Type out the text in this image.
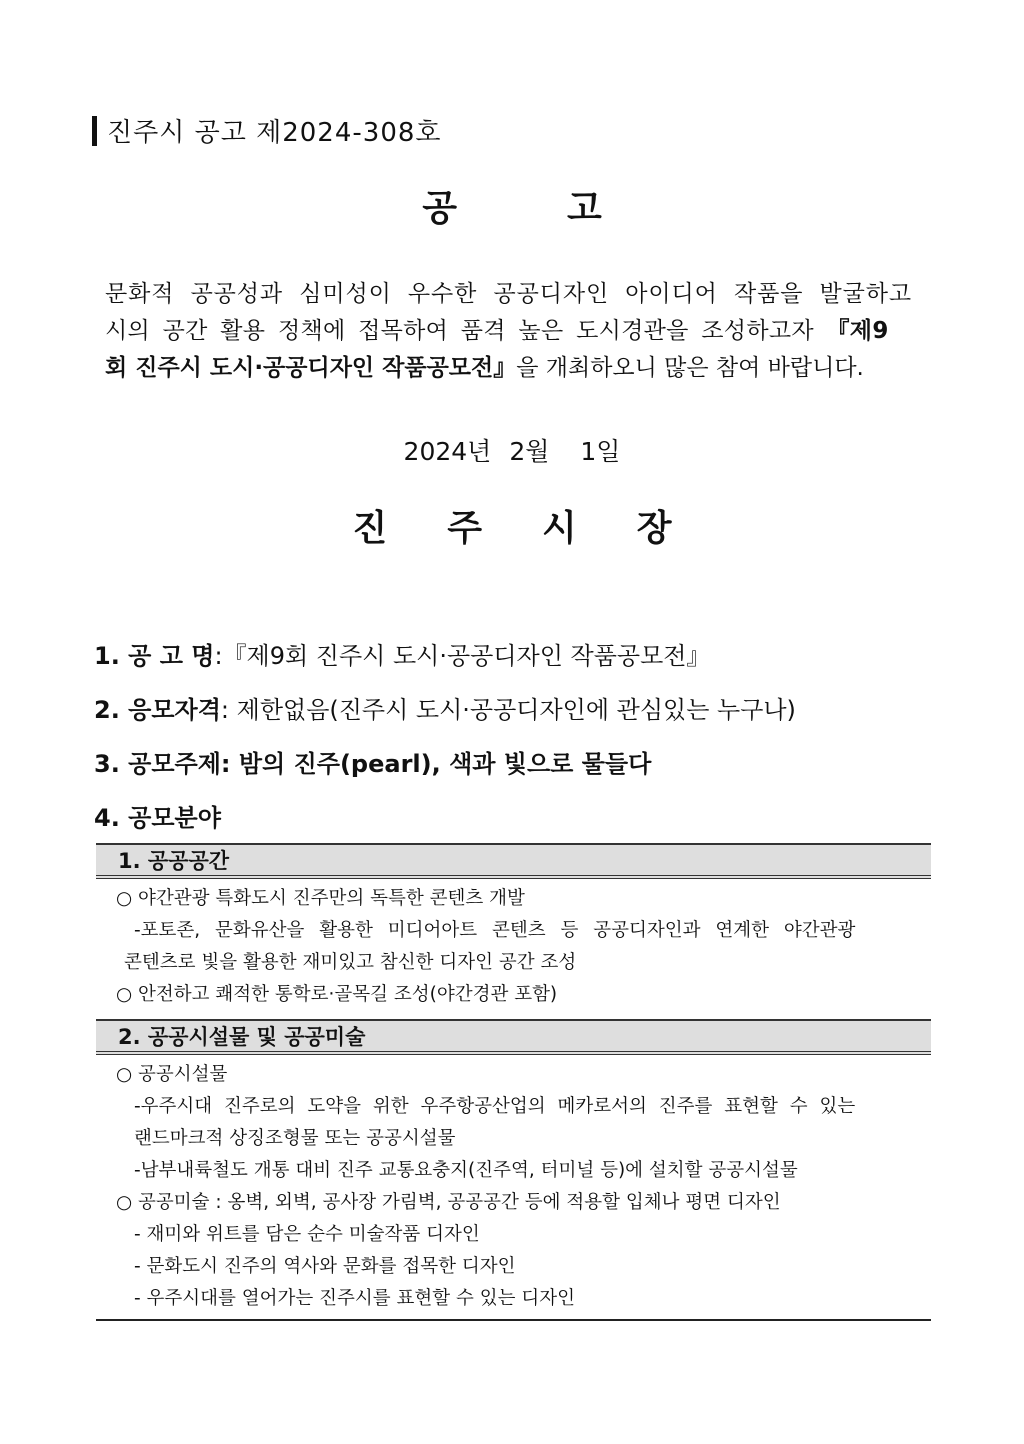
진주시 공고 제2024-308호
공	고
문화적 공공성과 심미성이 우수한 공공디자인 아이디어 작품을 발굴하고
시의 공간 활용 정책에 접목하여 품격 높은 도시경관을 조성하고자 『제9
회 진주시 도시·공공디자인 작품공모전』을 개최하오니 많은 참여 바랍니다.
2024년 2월 1일
진 주 시 장
1. 공 고 명:『제9회 진주시 도시·공공디자인 작품공모전』
2. 응모자격: 제한없음(진주시 도시·공공디자인에 관심있는 누구나)
3. 공모주제: 밤의 진주(pearl), 색과 빛으로 물들다
4. 공모분야
1. 공공공간
○ 야간관광 특화도시 진주만의 독특한 콘텐츠 개발
-포토존, 문화유산을 활용한 미디어아트 콘텐츠 등 공공디자인과 연계한 야간관광
콘텐츠로 빛을 활용한 재미있고 참신한 디자인 공간 조성
○ 안전하고 쾌적한 통학로·골목길 조성(야간경관 포함)
2. 공공시설물 및 공공미술
○ 공공시설물
-우주시대 진주로의 도약을 위한 우주항공산업의 메카로서의 진주를 표현할 수 있는
랜드마크적 상징조형물 또는 공공시설물
-남부내륙철도 개통 대비 진주 교통요충지(진주역, 터미널 등)에 설치할 공공시설물
○ 공공미술 : 옹벽, 외벽, 공사장 가림벽, 공공공간 등에 적용할 입체나 평면 디자인
- 재미와 위트를 담은 순수 미술작품 디자인
- 문화도시 진주의 역사와 문화를 접목한 디자인
- 우주시대를 열어가는 진주시를 표현할 수 있는 디자인
